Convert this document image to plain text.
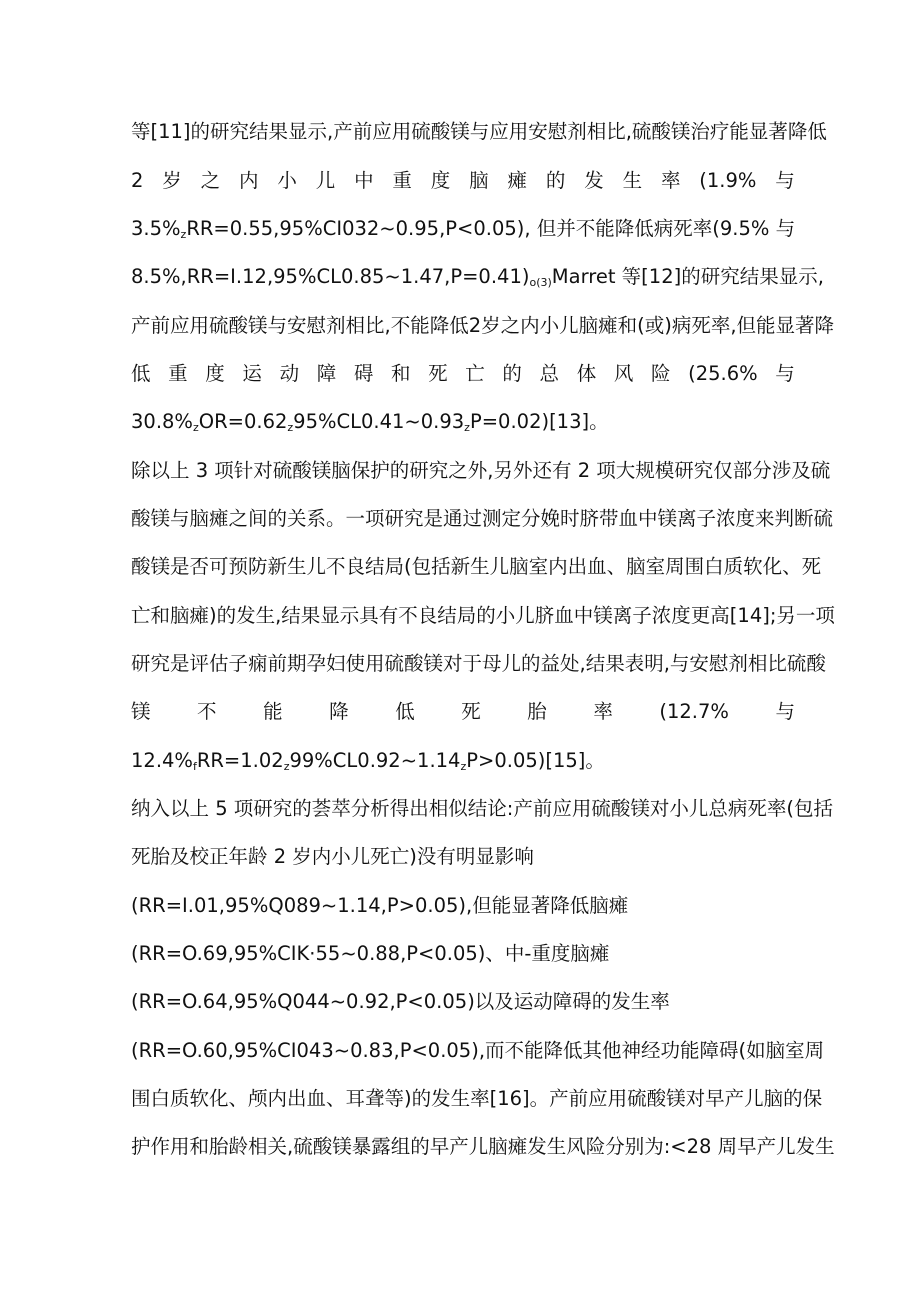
等[11]的研究结果显示,产前应用硫酸镁与应用安慰剂相比,硫酸镁治疗能显著降低
2 岁 之 内 小 儿 中 重 度 脑 瘫 的 发 生 率 (1.9% 与
$3.5\%_zRR=0.55,95\%CI032\sim 0.95,P<0.05$), 但并不能降低病死率(9.5% 与
$8.5\%,RR=I.12,95\%CL0.85\sim 1.47,P=0.41)_{o(3)}Marret$ 等[12]的研究结果显示,
产前应用硫酸镁与安慰剂相比,不能降低2岁之内小儿脑瘫和(或)病死率,但能显著降
低 重 度 运 动 障 碍 和 死 亡 的 总 体 风 险 (25.6% 与
$30.8\%_zOR=0.62_z95\%CL0.41\sim 0.93_zP=0.02)[13]$。
除以上 3 项针对硫酸镁脑保护的研究之外,另外还有 2 项大规模研究仅部分涉及硫
酸镁与脑瘫之间的关系。一项研究是通过测定分娩时脐带血中镁离子浓度来判断硫
酸镁是否可预防新生儿不良结局(包括新生儿脑室内出血、脑室周围白质软化、死
亡和脑瘫)的发生,结果显示具有不良结局的小儿脐血中镁离子浓度更高[14];另一项
研究是评估子痫前期孕妇使用硫酸镁对于母儿的益处,结果表明,与安慰剂相比硫酸
镁 不 能 降 低 死 胎 率 (12.7% 与
$12.4\%_fRR=1.02_z99\%CL0.92\sim 1.14_zP>0.05)[15]$。
纳入以上 5 项研究的荟萃分析得出相似结论:产前应用硫酸镁对小儿总病死率(包括
死胎及校正年龄 2 岁内小儿死亡)没有明显影响
(RR=I.01,95%Q089~1.14,P>0.05),但能显著降低脑瘫
(RR=O.69,95%CIK·55~0.88,P<0.05)、中-重度脑瘫
(RR=O.64,95%Q044~0.92,P<0.05)以及运动障碍的发生率
(RR=O.60,95%CI043~0.83,P<0.05),而不能降低其他神经功能障碍(如脑室周
围白质软化、颅内出血、耳聋等)的发生率[16]。产前应用硫酸镁对早产儿脑的保
护作用和胎龄相关,硫酸镁暴露组的早产儿脑瘫发生风险分别为:<28 周早产儿发生
